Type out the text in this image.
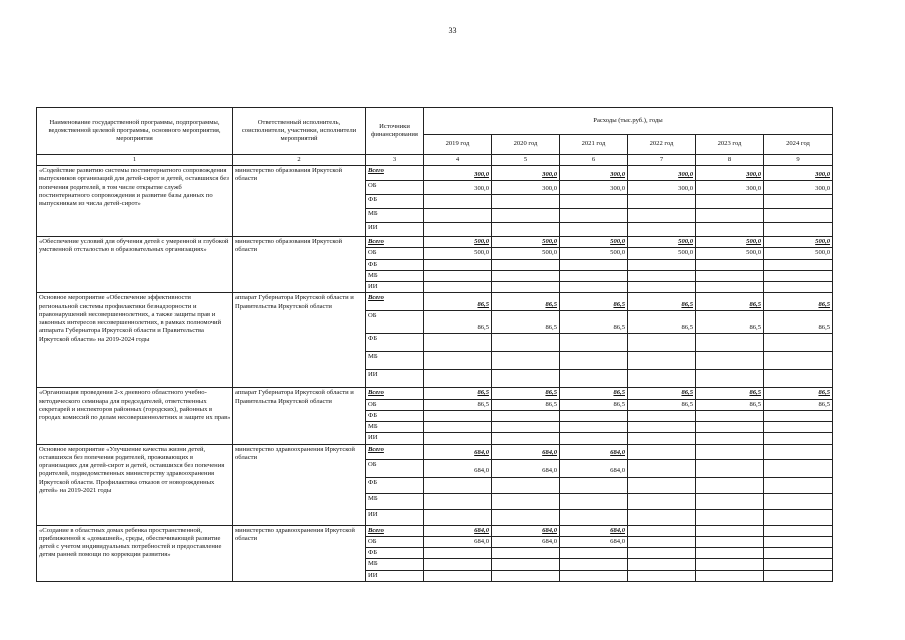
33
Наименование государственной программы, подпрограммы, ведомственной целевой программы, основного мероприятия, мероприятия	Ответственный исполнитель, соисполнители, участники, исполнители мероприятий	Источники финансирования	Расходы (тыс.руб.), годы					
			2019 год	2020 год	2021 год	2022 год	2023 год	2024 год
1	2	3	4	5	6	7	8	9
«Содействие развитию системы постинтернатного сопровождения выпускников организаций для детей-сирот и детей, оставшихся без попечения родителей, в том числе открытие служб постинтернатного сопровождения и развитие базы данных по выпускникам из числа детей-сирот»	министерство образования Иркутской области	Всего	300,0	300,0	300,0	300,0	300,0	300,0
		ОБ	300,0	300,0	300,0	300,0	300,0	300,0
		ФБ						
		МБ						
		ИИ						
«Обеспечение условий для обучения детей с умеренной и глубокой умственной отсталостью в образовательных организациях»	министерство образования Иркутской области	Всего	500,0	500,0	500,0	500,0	500,0	500,0
		ОБ	500,0	500,0	500,0	500,0	500,0	500,0
		ФБ						
		МБ						
		ИИ						
Основное мероприятие «Обеспечение эффективности региональной системы профилактики безнадзорности и правонарушений несовершеннолетних, а также защиты прав и законных интересов несовершеннолетних, в рамках полномочий аппарата Губернатора Иркутской области и Правительства Иркутской области» на 2019-2024 годы	аппарат Губернатора Иркутской области и Правительства Иркутской области	Всего	86,5	86,5	86,5	86,5	86,5	86,5
		ОБ	86,5	86,5	86,5	86,5	86,5	86,5
		ФБ						
		МБ						
		ИИ						
«Организация проведения 2-х дневного областного учебно-методического семинара для председателей, ответственных секретарей и инспекторов районных (городских), районных в городах комиссий по делам несовершеннолетних и защите их прав»	аппарат Губернатора Иркутской области и Правительства Иркутской области	Всего	86,5	86,5	86,5	86,5	86,5	86,5
		ОБ	86,5	86,5	86,5	86,5	86,5	86,5
		ФБ						
		МБ						
		ИИ						
Основное мероприятие «Улучшение качества жизни детей, оставшихся без попечения родителей, проживающих в организациях для детей-сирот и детей, оставшихся без попечения родителей, подведомственных министерству здравоохранения Иркутской области. Профилактика отказов от новорожденных детей» на 2019-2021 годы	министерство здравоохранения Иркутской области	Всего	684,0	684,0	684,0			
		ОБ	684,0	684,0	684,0			
		ФБ						
		МБ						
		ИИ						
«Создание в областных домах ребенка пространственной, приближенной к «домашней», среды, обеспечивающей развитие детей с учетом индивидуальных потребностей и предоставление детям ранней помощи по коррекции развития»	министерство здравоохранения Иркутской области	Всего	684,0	684,0	684,0			
		ОБ	684,0	684,0	684,0			
		ФБ						
		МБ						
		ИИ						
